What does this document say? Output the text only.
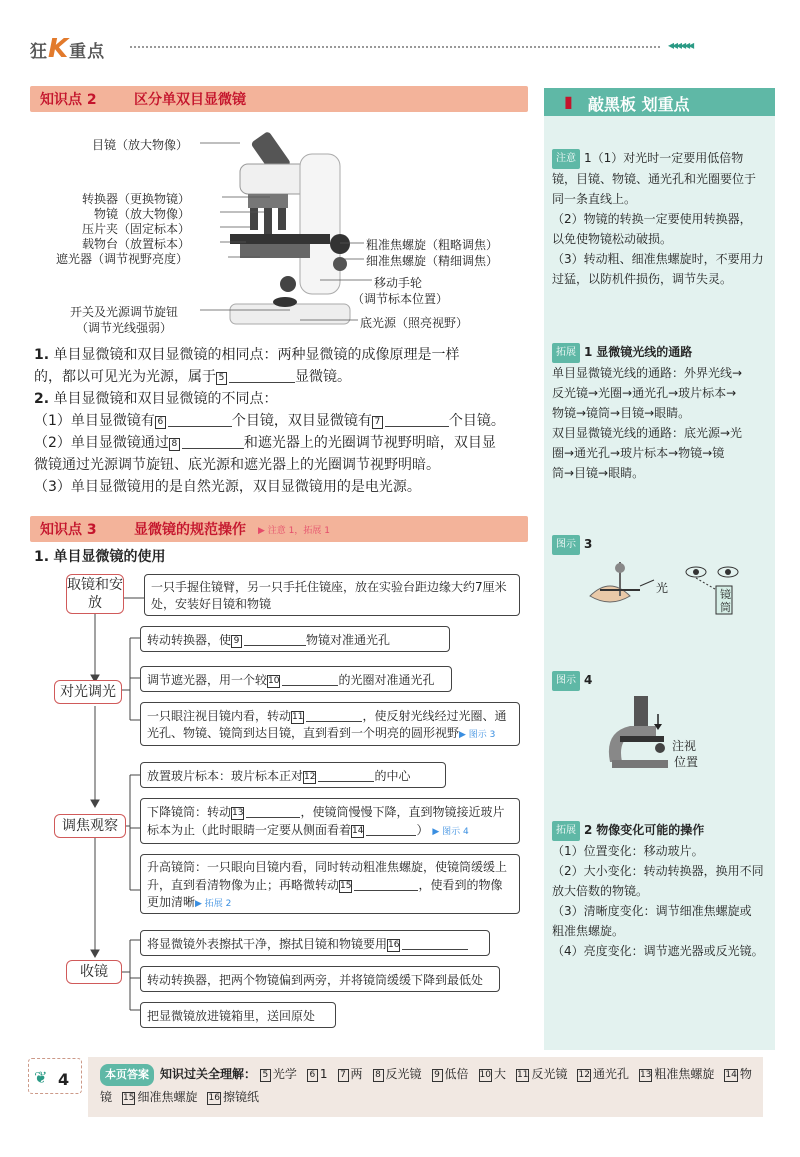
狂K重点	◂◂◂◂◂◂
知识点 2	区分单双目显微镜
目镜（放大物像）
转换器（更换物镜）
物镜（放大物像）
压片夹（固定标本）
载物台（放置标本）
遮光器（调节视野亮度）
开关及光源调节旋钮
（调节光线强弱）
粗准焦螺旋（粗略调焦）
细准焦螺旋（精细调焦）
移动手轮
（调节标本位置）
底光源（照亮视野）
1. 单目显微镜和双目显微镜的相同点：两种显微镜的成像原理是一样
的，都以可见光为光源，属于 5	显微镜。
2. 单目显微镜和双目显微镜的不同点：
（1）单目显微镜有 6	个目镜，双目显微镜有 7	个目镜。
（2）单目显微镜通过 8	和遮光器上的光圈调节视野明暗，双目显
微镜通过光源调节旋钮、底光源和遮光器上的光圈调节视野明暗。
（3）单目显微镜用的是自然光源，双目显微镜用的是电光源。
知识点 3	显微镜的规范操作 ▶ 注意 1，拓展 1
1. 单目显微镜的使用
取镜和安放
对光调光
调焦观察
收镜
一只手握住镜臂，另一只手托住镜座，放在实验台距边缘大约7厘米处，安装好目镜和物镜
转动转换器，使 9	物镜对准通光孔
调节遮光器，用一个较10	的光圈对准通光孔
一只眼注视目镜内看，转动11	，使反射光线经过光圈、通光孔、物镜、镜筒到达目镜，直到看到一个明亮的圆形视野▶ 图示 3
放置玻片标本：玻片标本正对12	的中心
下降镜筒：转动13	，使镜筒慢慢下降，直到物镜接近玻片标本为止（此时眼睛一定要从侧面看着14	） ▶ 图示 4
升高镜筒：一只眼向目镜内看，同时转动粗准焦螺旋，使镜筒缓缓上升，直到看清物像为止；再略微转动15	，使看到的物像更加清晰▶ 拓展 2
将显微镜外表擦拭干净，擦拭目镜和物镜要用16
转动转换器，把两个物镜偏到两旁，并将镜筒缓缓下降到最低处
把显微镜放进镜箱里，送回原处
▮ 敲黑板 划重点
注意 1（1）对光时一定要用低倍物
镜，目镜、物镜、通光孔和光圈要位于
同一条直线上。
（2）物镜的转换一定要使用转换器，
以免使物镜松动破损。
（3）转动粗、细准焦螺旋时，不要用力
过猛，以防机件损伤，调节失灵。
拓展 1 显微镜光线的通路
单目显微镜光线的通路：外界光线→
反光镜→光圈→通光孔→玻片标本→
物镜→镜筒→目镜→眼睛。
双目显微镜光线的通路：底光源→光
圈→通光孔→玻片标本→物镜→镜
筒→目镜→眼睛。
图示 3
光	镜筒
图示 4
注视
位置
拓展 2 物像变化可能的操作
（1）位置变化：移动玻片。
（2）大小变化：转动转换器，换用不同
放大倍数的物镜。
（3）清晰度变化：调节细准焦螺旋或
粗准焦螺旋。
（4）亮度变化：调节遮光器或反光镜。
❦ 4	本页答案 知识过关全理解： 5 光学 6 1 7 两 8 反光镜 9 低倍 10 大 11 反光镜 12 通光孔 13 粗准焦螺旋 14 物镜 15 细准焦螺旋 16 擦镜纸
